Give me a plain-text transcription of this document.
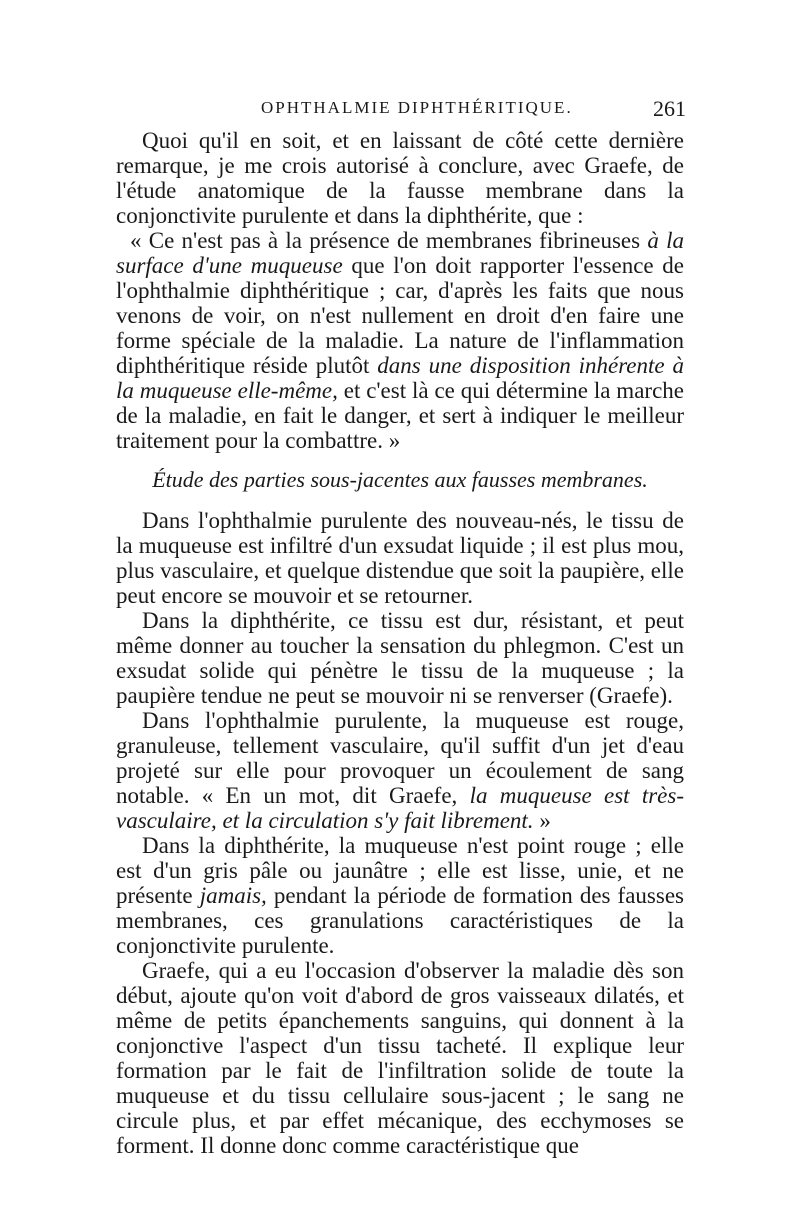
OPHTHALMIE DIPHTHÉRITIQUE.	261

Quoi qu'il en soit, et en laissant de côté cette dernière remarque, je me crois autorisé à conclure, avec Graefe, de l'étude anatomique de la fausse membrane dans la conjonctivite purulente et dans la diphthérite, que :

« Ce n'est pas à la présence de membranes fibrineuses à la surface d'une muqueuse que l'on doit rapporter l'essence de l'ophthalmie diphthéritique ; car, d'après les faits que nous venons de voir, on n'est nullement en droit d'en faire une forme spéciale de la maladie. La nature de l'inflammation diphthéritique réside plutôt dans une disposition inhérente à la muqueuse elle-même, et c'est là ce qui détermine la marche de la maladie, en fait le danger, et sert à indiquer le meilleur traitement pour la combattre. »

Étude des parties sous-jacentes aux fausses membranes.

Dans l'ophthalmie purulente des nouveau-nés, le tissu de la muqueuse est infiltré d'un exsudat liquide ; il est plus mou, plus vasculaire, et quelque distendue que soit la paupière, elle peut encore se mouvoir et se retourner.

Dans la diphthérite, ce tissu est dur, résistant, et peut même donner au toucher la sensation du phlegmon. C'est un exsudat solide qui pénètre le tissu de la muqueuse ; la paupière tendue ne peut se mouvoir ni se renverser (Graefe).

Dans l'ophthalmie purulente, la muqueuse est rouge, granuleuse, tellement vasculaire, qu'il suffit d'un jet d'eau projeté sur elle pour provoquer un écoulement de sang notable. « En un mot, dit Graefe, la muqueuse est très-vasculaire, et la circulation s'y fait librement. »

Dans la diphthérite, la muqueuse n'est point rouge ; elle est d'un gris pâle ou jaunâtre ; elle est lisse, unie, et ne présente jamais, pendant la période de formation des fausses membranes, ces granulations caractéristiques de la conjonctivite purulente.

Graefe, qui a eu l'occasion d'observer la maladie dès son début, ajoute qu'on voit d'abord de gros vaisseaux dilatés, et même de petits épanchements sanguins, qui donnent à la conjonctive l'aspect d'un tissu tacheté. Il explique leur formation par le fait de l'infiltration solide de toute la muqueuse et du tissu cellulaire sous-jacent ; le sang ne circule plus, et par effet mécanique, des ecchymoses se forment. Il donne donc comme caractéristique que
